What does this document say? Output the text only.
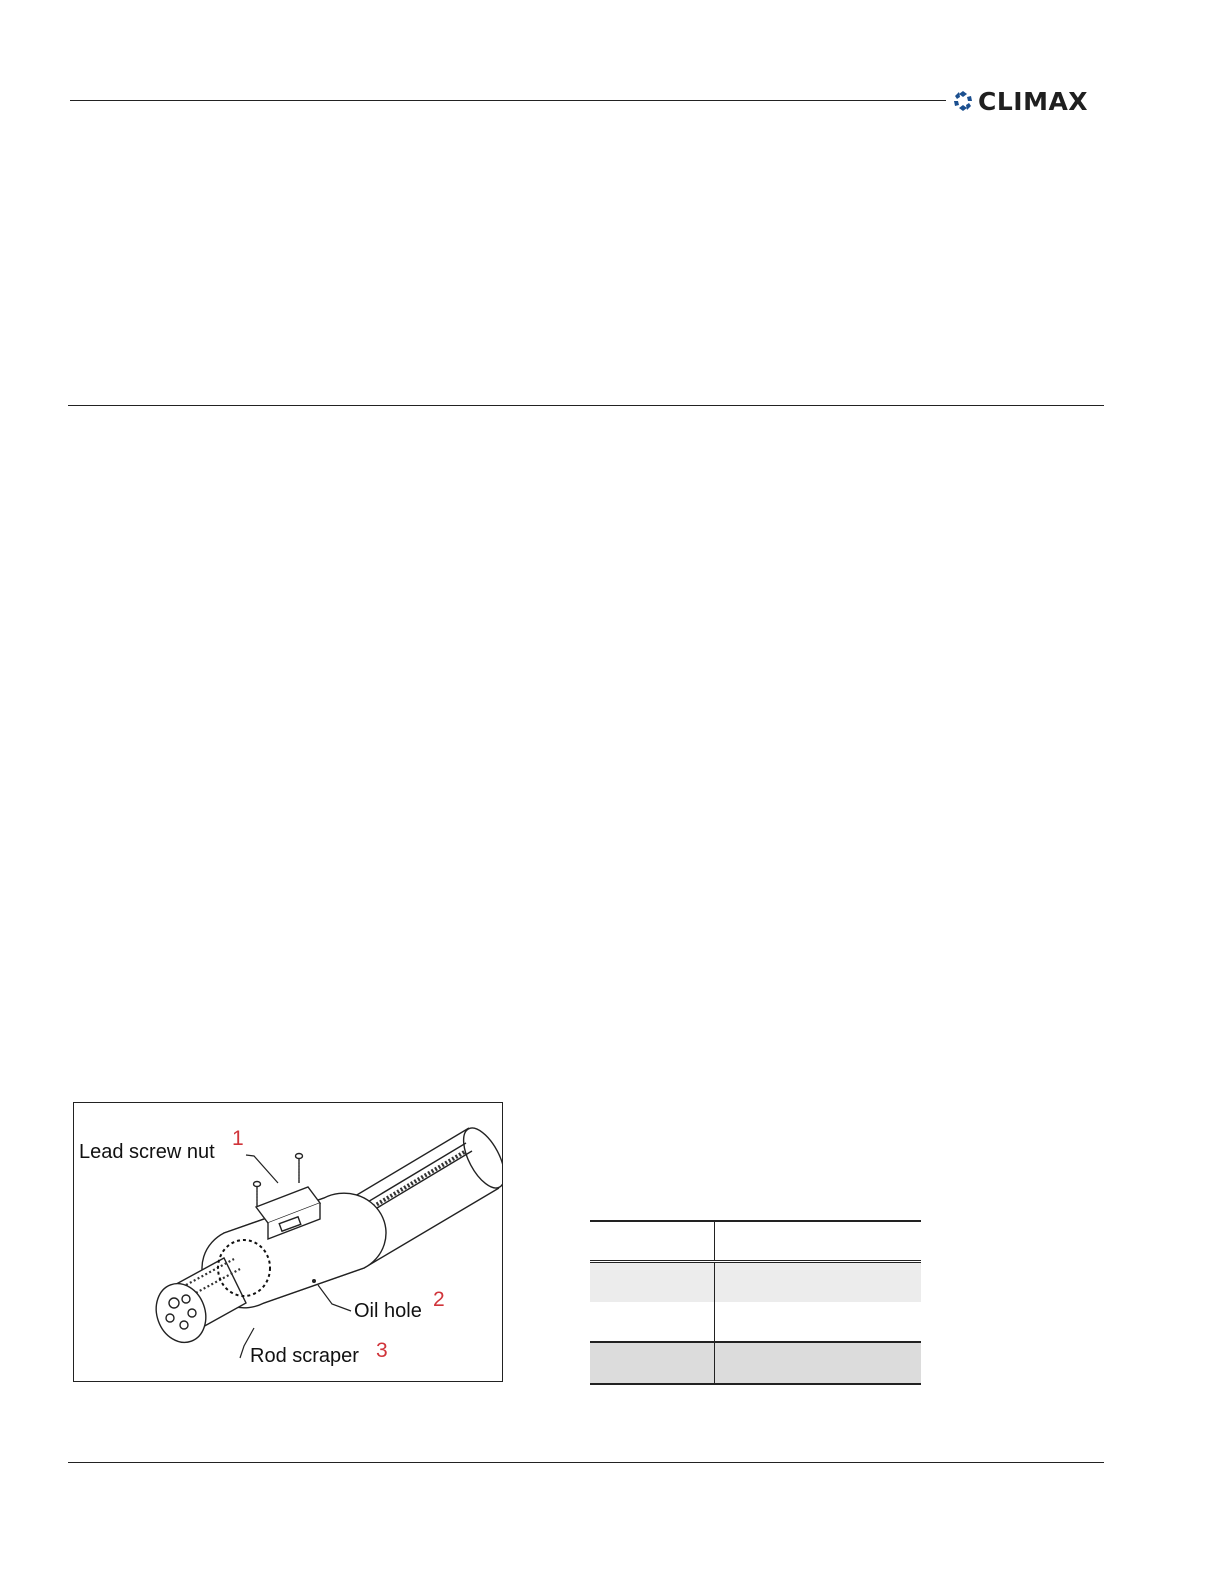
CLIMAX
Lead screw nut
1
Oil hole 2
Rod scraper 3
